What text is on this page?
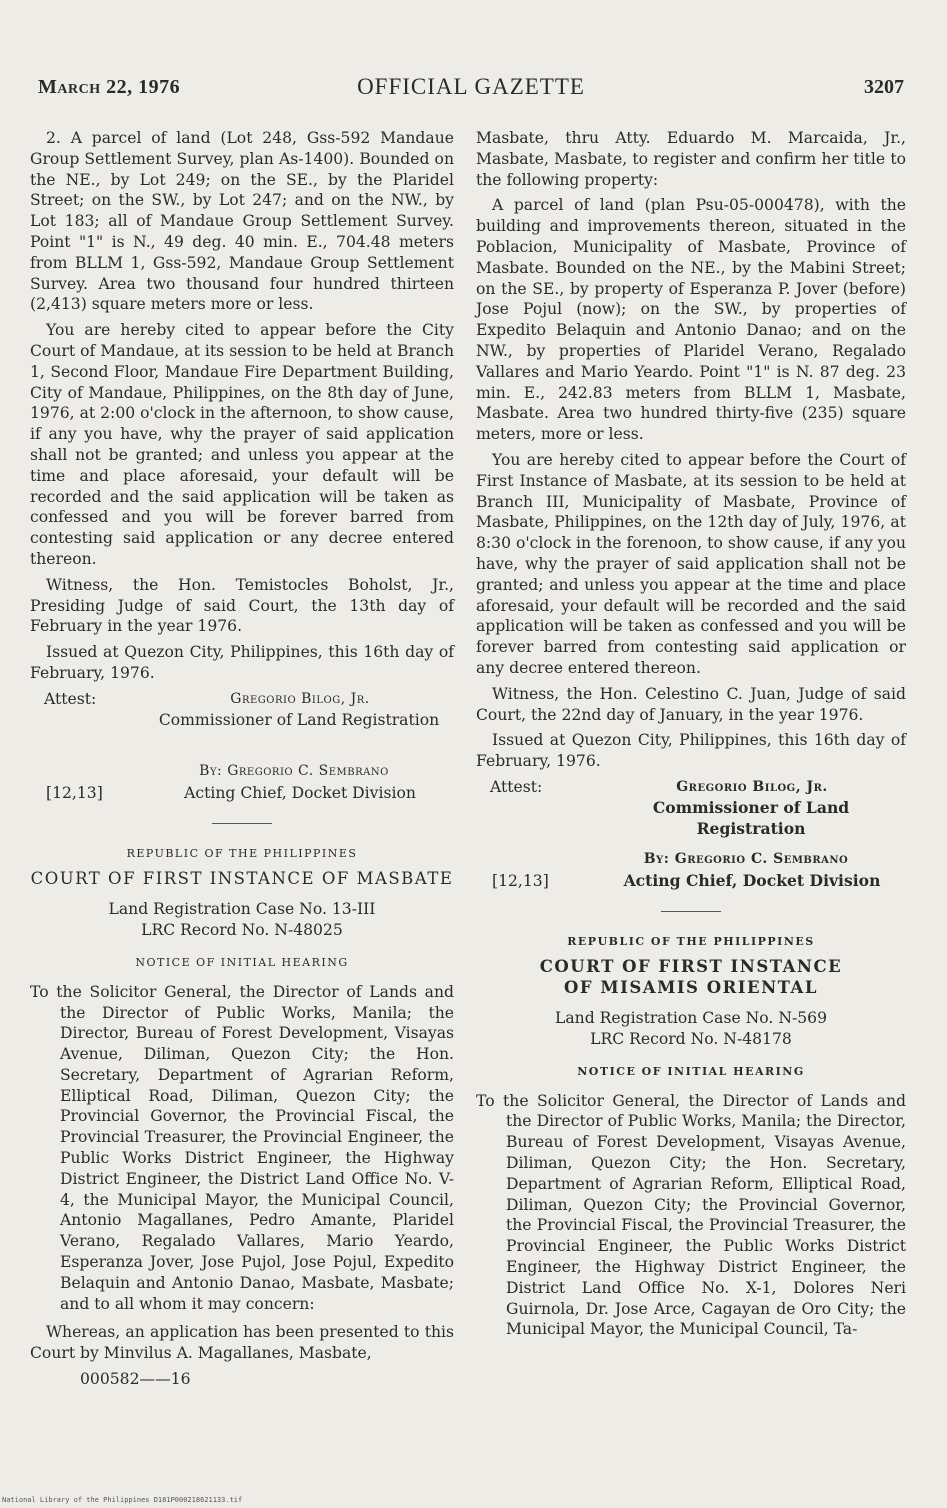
March 22, 1976	OFFICIAL GAZETTE	3207

2. A parcel of land (Lot 248, Gss-592 Mandaue Group Settlement Survey, plan As-1400). Bounded on the NE., by Lot 249; on the SE., by the Plaridel Street; on the SW., by Lot 247; and on the NW., by Lot 183; all of Mandaue Group Settlement Survey. Point "1" is N., 49 deg. 40 min. E., 704.48 meters from BLLM 1, Gss-592, Mandaue Group Settlement Survey. Area two thousand four hundred thirteen (2,413) square meters more or less.

You are hereby cited to appear before the City Court of Mandaue, at its session to be held at Branch 1, Second Floor, Mandaue Fire Department Building, City of Mandaue, Philippines, on the 8th day of June, 1976, at 2:00 o'clock in the afternoon, to show cause, if any you have, why the prayer of said application shall not be granted; and unless you appear at the time and place aforesaid, your default will be recorded and the said application will be taken as confessed and you will be forever barred from contesting said application or any decree entered thereon.

Witness, the Hon. Temistocles Boholst, Jr., Presiding Judge of said Court, the 13th day of February in the year 1976.

Issued at Quezon City, Philippines, this 16th day of February, 1976.

Attest:	Gregorio Bilog, Jr.
Commissioner of Land Registration
By: Gregorio C. Sembrano
[12,13]	Acting Chief, Docket Division
REPUBLIC OF THE PHILIPPINES
COURT OF FIRST INSTANCE OF MASBATE
Land Registration Case No. 13-III
LRC Record No. N-48025
NOTICE OF INITIAL HEARING

To the Solicitor General, the Director of Lands and the Director of Public Works, Manila; the Director, Bureau of Forest Development, Visayas Avenue, Diliman, Quezon City; the Hon. Secretary, Department of Agrarian Reform, Elliptical Road, Diliman, Quezon City; the Provincial Governor, the Provincial Fiscal, the Provincial Treasurer, the Provincial Engineer, the Public Works District Engineer, the Highway District Engineer, the District Land Office No. V-4, the Municipal Mayor, the Municipal Council, Antonio Magallanes, Pedro Amante, Plaridel Verano, Regalado Vallares, Mario Yeardo, Esperanza Jover, Jose Pujol, Jose Pojul, Expedito Belaquin and Antonio Danao, Masbate, Masbate; and to all whom it may concern:

Whereas, an application has been presented to this Court by Minvilus A. Magallanes, Masbate,

000582——16

Masbate, thru Atty. Eduardo M. Marcaida, Jr., Masbate, Masbate, to register and confirm her title to the following property:

A parcel of land (plan Psu-05-000478), with the building and improvements thereon, situated in the Poblacion, Municipality of Masbate, Province of Masbate. Bounded on the NE., by the Mabini Street; on the SE., by property of Esperanza P. Jover (before) Jose Pojul (now); on the SW., by properties of Expedito Belaquin and Antonio Danao; and on the NW., by properties of Plaridel Verano, Regalado Vallares and Mario Yeardo. Point "1" is N. 87 deg. 23 min. E., 242.83 meters from BLLM 1, Masbate, Masbate. Area two hundred thirty-five (235) square meters, more or less.

You are hereby cited to appear before the Court of First Instance of Masbate, at its session to be held at Branch III, Municipality of Masbate, Province of Masbate, Philippines, on the 12th day of July, 1976, at 8:30 o'clock in the forenoon, to show cause, if any you have, why the prayer of said application shall not be granted; and unless you appear at the time and place aforesaid, your default will be recorded and the said application will be taken as confessed and you will be forever barred from contesting said application or any decree entered thereon.

Witness, the Hon. Celestino C. Juan, Judge of said Court, the 22nd day of January, in the year 1976.

Issued at Quezon City, Philippines, this 16th day of February, 1976.

Attest:	Gregorio Bilog, Jr.
Commissioner of Land Registration
By: Gregorio C. Sembrano
[12,13]	Acting Chief, Docket Division
REPUBLIC OF THE PHILIPPINES
COURT OF FIRST INSTANCE
OF MISAMIS ORIENTAL
Land Registration Case No. N-569
LRC Record No. N-48178
NOTICE OF INITIAL HEARING

To the Solicitor General, the Director of Lands and the Director of Public Works, Manila; the Director, Bureau of Forest Development, Visayas Avenue, Diliman, Quezon City; the Hon. Secretary, Department of Agrarian Reform, Elliptical Road, Diliman, Quezon City; the Provincial Governor, the Provincial Fiscal, the Provincial Treasurer, the Provincial Engineer, the Public Works District Engineer, the Highway District Engineer, the District Land Office No. X-1, Dolores Neri Guirnola, Dr. Jose Arce, Cagayan de Oro City; the Municipal Mayor, the Municipal Council, Ta-

National Library of the Philippines D181P000218621133.tif
